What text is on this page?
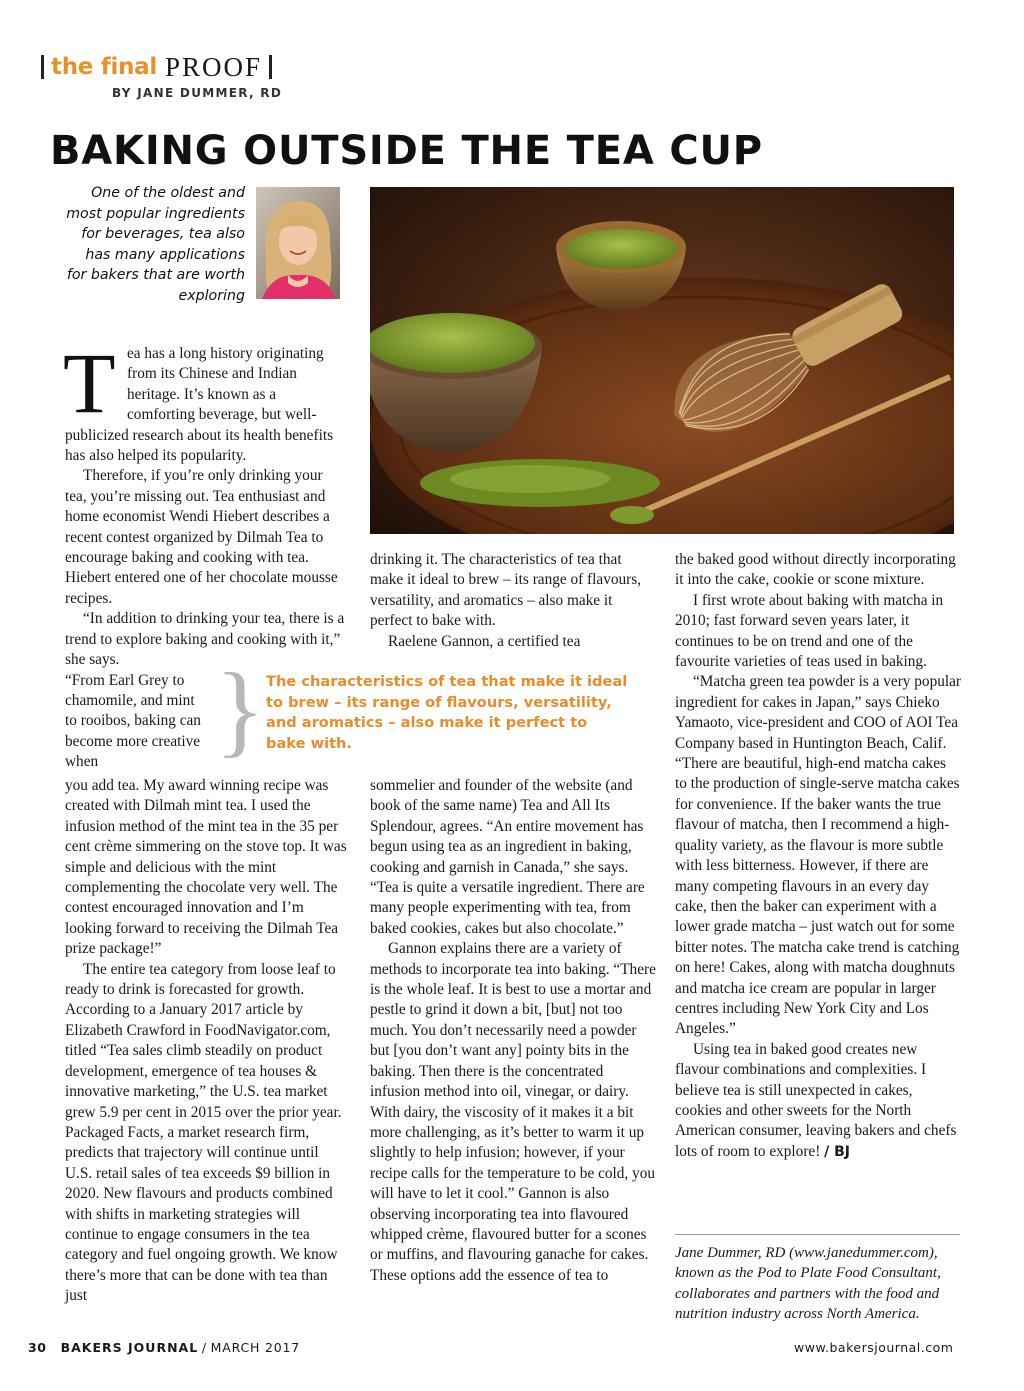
the final PROOF
BY JANE DUMMER, RD
BAKING OUTSIDE THE TEA CUP
One of the oldest and most popular ingredients for beverages, tea also has many applications for bakers that are worth exploring
T ea has a long history originating from its Chinese and Indian heritage. It’s known as a comforting beverage, but well-publicized research about its health benefits has also helped its popularity.

Therefore, if you’re only drinking your tea, you’re missing out. Tea enthusiast and home economist Wendi Hiebert describes a recent contest organized by Dilmah Tea to encourage baking and cooking with tea. Hiebert entered one of her chocolate mousse recipes.

“In addition to drinking your tea, there is a trend to explore baking and cooking with it,” she says.

“From Earl Grey to chamomile, and mint to rooibos, baking can become more creative when

you add tea. My award winning recipe was created with Dilmah mint tea. I used the infusion method of the mint tea in the 35 per cent crème simmering on the stove top. It was simple and delicious with the mint complementing the chocolate very well. The contest encouraged innovation and I’m looking forward to receiving the Dilmah Tea prize package!”

The entire tea category from loose leaf to ready to drink is forecasted for growth. According to a January 2017 article by Elizabeth Crawford in FoodNavigator.com, titled “Tea sales climb steadily on product development, emergence of tea houses & innovative marketing,” the U.S. tea market grew 5.9 per cent in 2015 over the prior year. Packaged Facts, a market research firm, predicts that trajectory will continue until U.S. retail sales of tea exceeds $9 billion in 2020. New flavours and products combined with shifts in marketing strategies will continue to engage consumers in the tea category and fuel ongoing growth. We know there’s more that can be done with tea than just

drinking it. The characteristics of tea that make it ideal to brew – its range of flavours, versatility, and aromatics – also make it perfect to bake with.

Raelene Gannon, a certified tea

sommelier and founder of the website (and book of the same name) Tea and All Its Splendour, agrees. “An entire movement has begun using tea as an ingredient in baking, cooking and garnish in Canada,” she says. “Tea is quite a versatile ingredient. There are many people experimenting with tea, from baked cookies, cakes but also chocolate.”

Gannon explains there are a variety of methods to incorporate tea into baking. “There is the whole leaf. It is best to use a mortar and pestle to grind it down a bit, [but] not too much. You don’t necessarily need a powder but [you don’t want any] pointy bits in the baking. Then there is the concentrated infusion method into oil, vinegar, or dairy. With dairy, the viscosity of it makes it a bit more challenging, as it’s better to warm it up slightly to help infusion; however, if your recipe calls for the temperature to be cold, you will have to let it cool.” Gannon is also observing incorporating tea into flavoured whipped crème, flavoured butter for a scones or muffins, and flavouring ganache for cakes. These options add the essence of tea to

the baked good without directly incorporating it into the cake, cookie or scone mixture.

I first wrote about baking with matcha in 2010; fast forward seven years later, it continues to be on trend and one of the favourite varieties of teas used in baking.

“Matcha green tea powder is a very popular ingredient for cakes in Japan,” says Chieko Yamaoto, vice-president and COO of AOI Tea Company based in Huntington Beach, Calif. “There are beautiful, high-end matcha cakes to the production of single-serve matcha cakes for convenience. If the baker wants the true flavour of matcha, then I recommend a high-quality variety, as the flavour is more subtle with less bitterness. However, if there are many competing flavours in an every day cake, then the baker can experiment with a lower grade matcha – just watch out for some bitter notes. The matcha cake trend is catching on here! Cakes, along with matcha doughnuts and matcha ice cream are popular in larger centres including New York City and Los Angeles.”

Using tea in baked good creates new flavour combinations and complexities. I believe tea is still unexpected in cakes, cookies and other sweets for the North American consumer, leaving bakers and chefs lots of room to explore! / BJ

} The characteristics of tea that make it ideal to brew – its range of flavours, versatility, and aromatics – also make it perfect to bake with.
Jane Dummer, RD (www.janedummer.com), known as the Pod to Plate Food Consultant, collaborates and partners with the food and nutrition industry across North America.
30 BAKERS JOURNAL / MARCH 2017	www.bakersjournal.com
